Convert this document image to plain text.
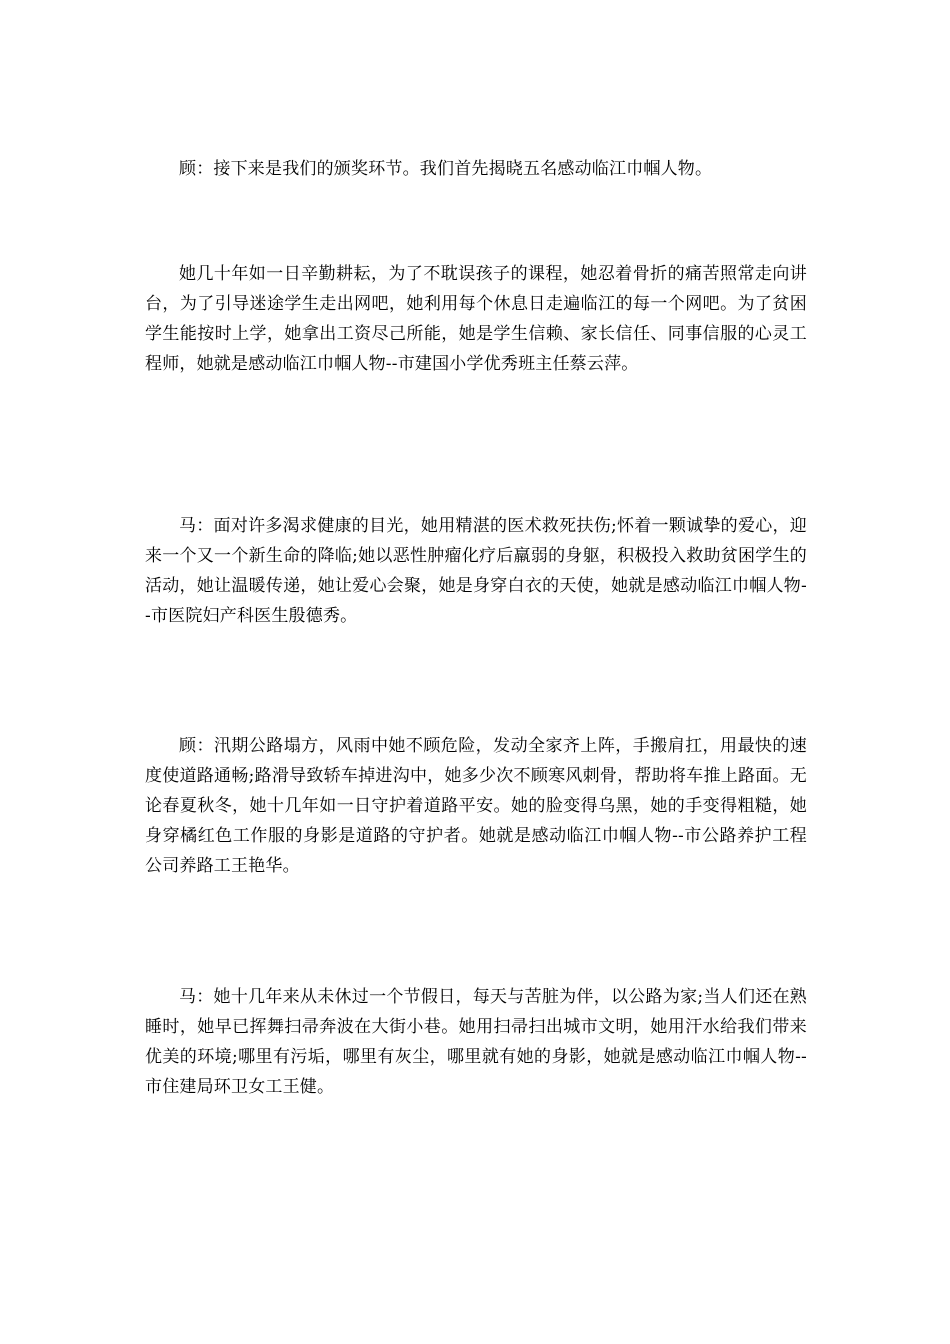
顾：接下来是我们的颁奖环节。我们首先揭晓五名感动临江巾帼人物。

她几十年如一日辛勤耕耘，为了不耽误孩子的课程，她忍着骨折的痛苦照常走向讲台，为了引导迷途学生走出网吧，她利用每个休息日走遍临江的每一个网吧。为了贫困学生能按时上学，她拿出工资尽己所能，她是学生信赖、家长信任、同事信服的心灵工程师，她就是感动临江巾帼人物--市建国小学优秀班主任蔡云萍。

马：面对许多渴求健康的目光，她用精湛的医术救死扶伤;怀着一颗诚挚的爱心，迎来一个又一个新生命的降临;她以恶性肿瘤化疗后羸弱的身躯，积极投入救助贫困学生的活动，她让温暖传递，她让爱心会聚，她是身穿白衣的天使，她就是感动临江巾帼人物--市医院妇产科医生殷德秀。

顾：汛期公路塌方，风雨中她不顾危险，发动全家齐上阵，手搬肩扛，用最快的速度使道路通畅;路滑导致轿车掉进沟中，她多少次不顾寒风刺骨，帮助将车推上路面。无论春夏秋冬，她十几年如一日守护着道路平安。她的脸变得乌黑，她的手变得粗糙，她身穿橘红色工作服的身影是道路的守护者。她就是感动临江巾帼人物--市公路养护工程公司养路工王艳华。

马：她十几年来从未休过一个节假日，每天与苦脏为伴，以公路为家;当人们还在熟睡时，她早已挥舞扫帚奔波在大街小巷。她用扫帚扫出城市文明，她用汗水给我们带来优美的环境;哪里有污垢，哪里有灰尘，哪里就有她的身影，她就是感动临江巾帼人物--市住建局环卫女工王健。
